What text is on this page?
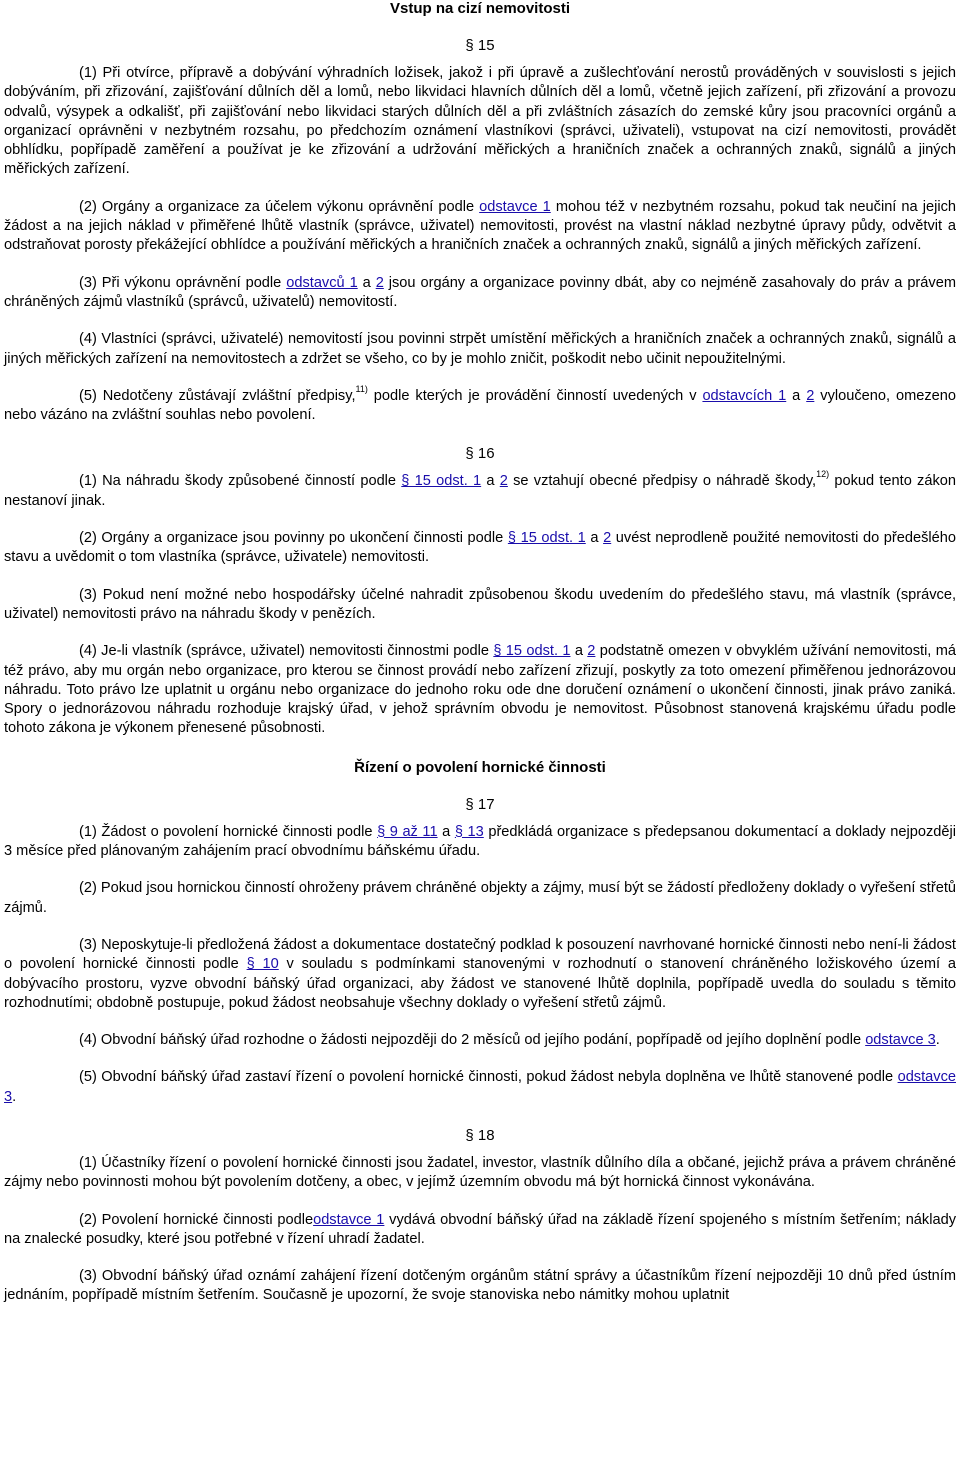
Vstup na cizí nemovitosti

§ 15

(1) Při otvírce, přípravě a dobývání výhradních ložisek, jakož i při úpravě a zušlechťování nerostů prováděných v souvislosti s jejich dobýváním, při zřizování, zajišťování důlních děl a lomů, nebo likvidaci hlavních důlních děl a lomů, včetně jejich zařízení, při zřizování a provozu odvalů, výsypek a odkališť, při zajišťování nebo likvidaci starých důlních děl a při zvláštních zásazích do zemské kůry jsou pracovníci orgánů a organizací oprávněni v nezbytném rozsahu, po předchozím oznámení vlastníkovi (správci, uživateli), vstupovat na cizí nemovitosti, provádět obhlídku, popřípadě zaměření a používat je ke zřizování a udržování měřických a hraničních značek a ochranných znaků, signálů a jiných měřických zařízení.

(2) Orgány a organizace za účelem výkonu oprávnění podle odstavce 1 mohou též v nezbytném rozsahu, pokud tak neučiní na jejich žádost a na jejich náklad v přiměřené lhůtě vlastník (správce, uživatel) nemovitosti, provést na vlastní náklad nezbytné úpravy půdy, odvětvit a odstraňovat porosty překážející obhlídce a používání měřických a hraničních značek a ochranných znaků, signálů a jiných měřických zařízení.

(3) Při výkonu oprávnění podle odstavců 1 a 2 jsou orgány a organizace povinny dbát, aby co nejméně zasahovaly do práv a právem chráněných zájmů vlastníků (správců, uživatelů) nemovitostí.

(4) Vlastníci (správci, uživatelé) nemovitostí jsou povinni strpět umístění měřických a hraničních značek a ochranných znaků, signálů a jiných měřických zařízení na nemovitostech a zdržet se všeho, co by je mohlo zničit, poškodit nebo učinit nepoužitelnými.

(5) Nedotčeny zůstávají zvláštní předpisy,$^{11)}$ podle kterých je provádění činností uvedených v odstavcích 1 a 2 vyloučeno, omezeno nebo vázáno na zvláštní souhlas nebo povolení.

§ 16

(1) Na náhradu škody způsobené činností podle § 15 odst. 1 a 2 se vztahují obecné předpisy o náhradě škody,$^{12)}$ pokud tento zákon nestanoví jinak.

(2) Orgány a organizace jsou povinny po ukončení činnosti podle § 15 odst. 1 a 2 uvést neprodleně použité nemovitosti do předešlého stavu a uvědomit o tom vlastníka (správce, uživatele) nemovitosti.

(3) Pokud není možné nebo hospodářsky účelné nahradit způsobenou škodu uvedením do předešlého stavu, má vlastník (správce, uživatel) nemovitosti právo na náhradu škody v penězích.

(4) Je-li vlastník (správce, uživatel) nemovitosti činnostmi podle § 15 odst. 1 a 2 podstatně omezen v obvyklém užívání nemovitosti, má též právo, aby mu orgán nebo organizace, pro kterou se činnost provádí nebo zařízení zřizují, poskytly za toto omezení přiměřenou jednorázovou náhradu. Toto právo lze uplatnit u orgánu nebo organizace do jednoho roku ode dne doručení oznámení o ukončení činnosti, jinak právo zaniká. Spory o jednorázovou náhradu rozhoduje krajský úřad, v jehož správním obvodu je nemovitost. Působnost stanovená krajskému úřadu podle tohoto zákona je výkonem přenesené působnosti.

Řízení o povolení hornické činnosti

§ 17

(1) Žádost o povolení hornické činnosti podle § 9 až 11 a § 13 předkládá organizace s předepsanou dokumentací a doklady nejpozději 3 měsíce před plánovaným zahájením prací obvodnímu báňskému úřadu.

(2) Pokud jsou hornickou činností ohroženy právem chráněné objekty a zájmy, musí být se žádostí předloženy doklady o vyřešení střetů zájmů.

(3) Neposkytuje-li předložená žádost a dokumentace dostatečný podklad k posouzení navrhované hornické činnosti nebo není-li žádost o povolení hornické činnosti podle § 10 v souladu s podmínkami stanovenými v rozhodnutí o stanovení chráněného ložiskového území a dobývacího prostoru, vyzve obvodní báňský úřad organizaci, aby žádost ve stanovené lhůtě doplnila, popřípadě uvedla do souladu s těmito rozhodnutími; obdobně postupuje, pokud žádost neobsahuje všechny doklady o vyřešení střetů zájmů.

(4) Obvodní báňský úřad rozhodne o žádosti nejpozději do 2 měsíců od jejího podání, popřípadě od jejího doplnění podle odstavce 3.

(5) Obvodní báňský úřad zastaví řízení o povolení hornické činnosti, pokud žádost nebyla doplněna ve lhůtě stanovené podle odstavce 3.

§ 18

(1) Účastníky řízení o povolení hornické činnosti jsou žadatel, investor, vlastník důlního díla a občané, jejichž práva a právem chráněné zájmy nebo povinnosti mohou být povolením dotčeny, a obec, v jejímž územním obvodu má být hornická činnost vykonávána.

(2) Povolení hornické činnosti podleodstavce 1 vydává obvodní báňský úřad na základě řízení spojeného s místním šetřením; náklady na znalecké posudky, které jsou potřebné v řízení uhradí žadatel.

(3) Obvodní báňský úřad oznámí zahájení řízení dotčeným orgánům státní správy a účastníkům řízení nejpozději 10 dnů před ústním jednáním, popřípadě místním šetřením. Současně je upozorní, že svoje stanoviska nebo námitky mohou uplatnit
